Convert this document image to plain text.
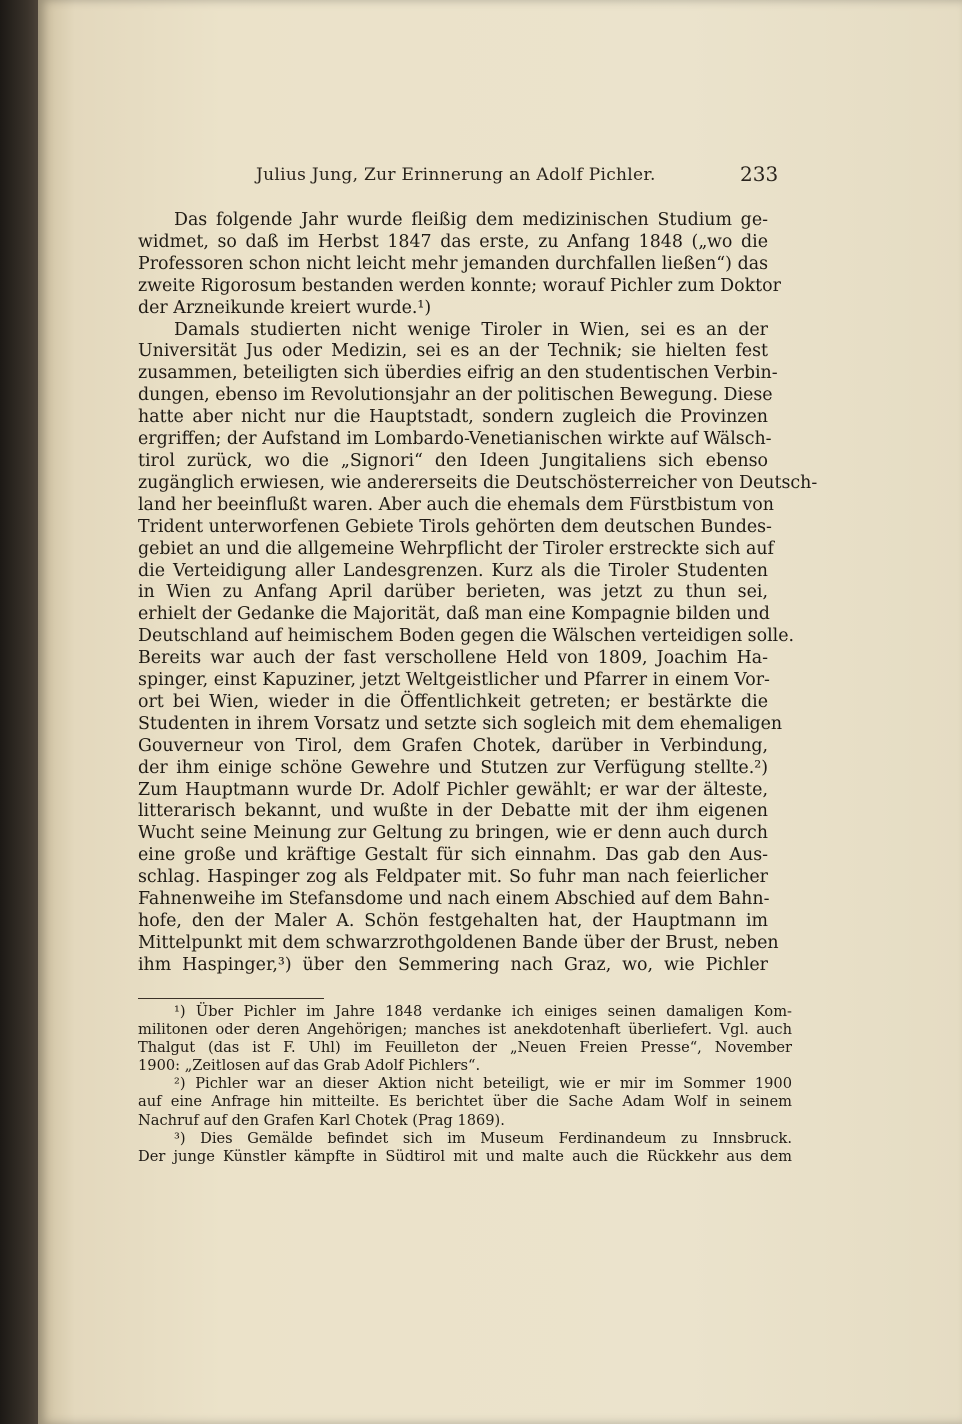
Julius Jung, Zur Erinnerung an Adolf Pichler.	233
Das folgende Jahr wurde fleißig dem medizinischen Studium ge-
widmet, so daß im Herbst 1847 das erste, zu Anfang 1848 („wo die
Professoren schon nicht leicht mehr jemanden durchfallen ließen“) das
zweite Rigorosum bestanden werden konnte; worauf Pichler zum Doktor
der Arzneikunde kreiert wurde.¹)
Damals studierten nicht wenige Tiroler in Wien, sei es an der
Universität Jus oder Medizin, sei es an der Technik; sie hielten fest
zusammen, beteiligten sich überdies eifrig an den studentischen Verbin-
dungen, ebenso im Revolutionsjahr an der politischen Bewegung. Diese
hatte aber nicht nur die Hauptstadt, sondern zugleich die Provinzen
ergriffen; der Aufstand im Lombardo-Venetianischen wirkte auf Wälsch-
tirol zurück, wo die „Signori“ den Ideen Jungitaliens sich ebenso
zugänglich erwiesen, wie andererseits die Deutschösterreicher von Deutsch-
land her beeinflußt waren. Aber auch die ehemals dem Fürstbistum von
Trident unterworfenen Gebiete Tirols gehörten dem deutschen Bundes-
gebiet an und die allgemeine Wehrpflicht der Tiroler erstreckte sich auf
die Verteidigung aller Landesgrenzen. Kurz als die Tiroler Studenten
in Wien zu Anfang April darüber berieten, was jetzt zu thun sei,
erhielt der Gedanke die Majorität, daß man eine Kompagnie bilden und
Deutschland auf heimischem Boden gegen die Wälschen verteidigen solle.
Bereits war auch der fast verschollene Held von 1809, Joachim Ha-
spinger, einst Kapuziner, jetzt Weltgeistlicher und Pfarrer in einem Vor-
ort bei Wien, wieder in die Öffentlichkeit getreten; er bestärkte die
Studenten in ihrem Vorsatz und setzte sich sogleich mit dem ehemaligen
Gouverneur von Tirol, dem Grafen Chotek, darüber in Verbindung,
der ihm einige schöne Gewehre und Stutzen zur Verfügung stellte.²)
Zum Hauptmann wurde Dr. Adolf Pichler gewählt; er war der älteste,
litterarisch bekannt, und wußte in der Debatte mit der ihm eigenen
Wucht seine Meinung zur Geltung zu bringen, wie er denn auch durch
eine große und kräftige Gestalt für sich einnahm. Das gab den Aus-
schlag. Haspinger zog als Feldpater mit. So fuhr man nach feierlicher
Fahnenweihe im Stefansdome und nach einem Abschied auf dem Bahn-
hofe, den der Maler A. Schön festgehalten hat, der Hauptmann im
Mittelpunkt mit dem schwarzrothgoldenen Bande über der Brust, neben
ihm Haspinger,³) über den Semmering nach Graz, wo, wie Pichler
¹) Über Pichler im Jahre 1848 verdanke ich einiges seinen damaligen Kom-
militonen oder deren Angehörigen; manches ist anekdotenhaft überliefert. Vgl. auch
Thalgut (das ist F. Uhl) im Feuilleton der „Neuen Freien Presse“, November
1900: „Zeitlosen auf das Grab Adolf Pichlers“.
²) Pichler war an dieser Aktion nicht beteiligt, wie er mir im Sommer 1900
auf eine Anfrage hin mitteilte. Es berichtet über die Sache Adam Wolf in seinem
Nachruf auf den Grafen Karl Chotek (Prag 1869).
³) Dies Gemälde befindet sich im Museum Ferdinandeum zu Innsbruck.
Der junge Künstler kämpfte in Südtirol mit und malte auch die Rückkehr aus dem
